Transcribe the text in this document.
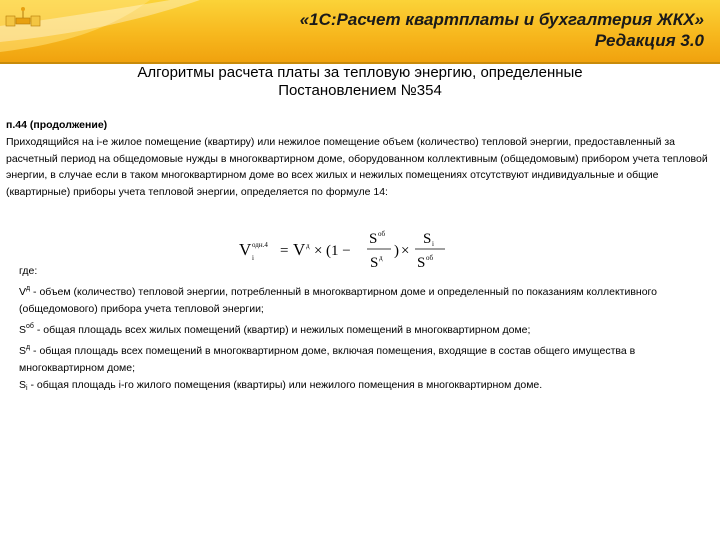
«1С:Расчет квартплаты и бухгалтерия ЖКХ»
Редакция 3.0
Алгоритмы расчета платы за тепловую энергию, определенные
Постановлением №354
п.44 (продолжение)
Приходящийся на i-е жилое помещение (квартиру) или нежилое помещение объем (количество) тепловой энергии, предоставленный за расчетный период на общедомовые нужды в многоквартирном доме, оборудованном коллективным (общедомовым) прибором учета тепловой энергии, в случае если в таком многоквартирном доме во всех жилых и нежилых помещениях отсутствуют индивидуальные и общие (квартирные) приборы учета тепловой энергии, определяется по формуле 14:
V одн.4
i = V д × (1 −
S об
S д ) ×
S i
S об
где:
$V^д$ - объем (количество) тепловой энергии, потребленный в многоквартирном доме и определенный по показаниям коллективного (общедомового) прибора учета тепловой энергии;
$S^{об}$ - общая площадь всех жилых помещений (квартир) и нежилых помещений в многоквартирном доме;
$S^д$ - общая площадь всех помещений в многоквартирном доме, включая помещения, входящие в состав общего имущества в многоквартирном доме;
$S_i$ - общая площадь i-го жилого помещения (квартиры) или нежилого помещения в многоквартирном доме.
